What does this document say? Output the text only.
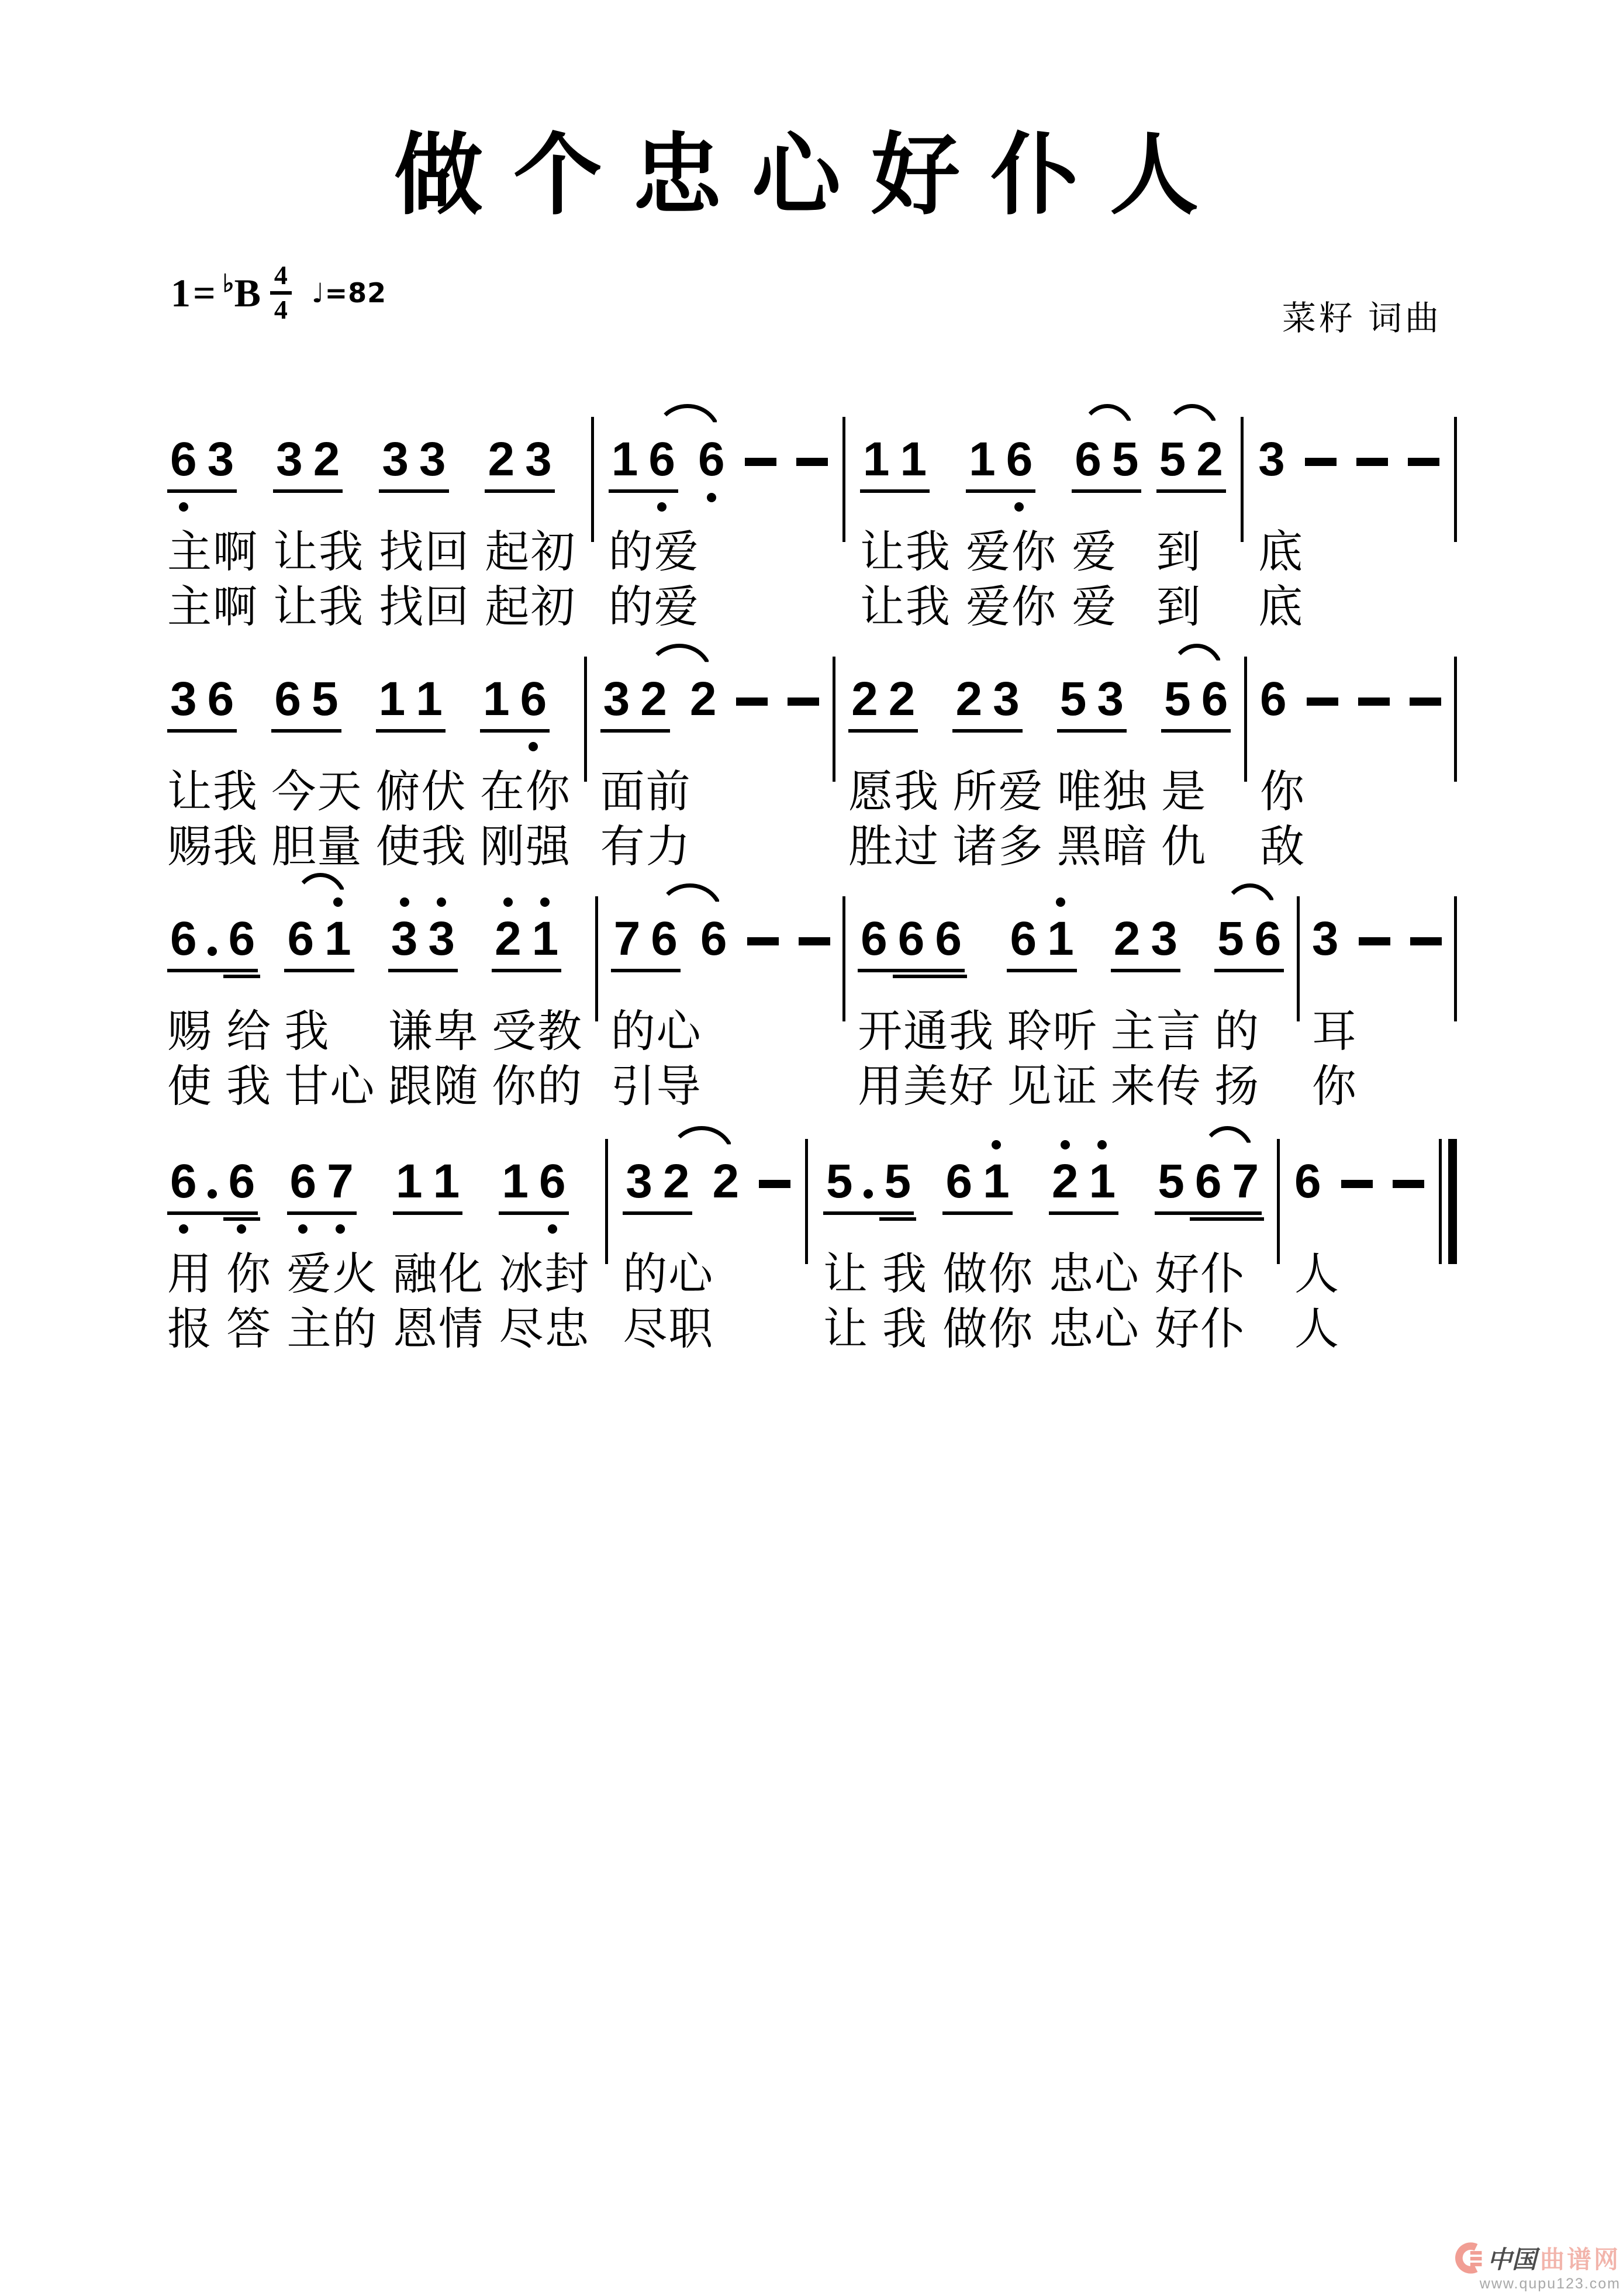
做个忠心好仆人
1= ♭ B $\frac{4}{4}$ ♩=82
菜籽 词曲
6 3
主啊
主啊
3 2
让我
让我
3 3
找回
找回
2 3
起初
起初
1 6 6
的爱
的爱
1 1
让我
让我
1 6
爱你
爱你
6 5
爱
爱
5 2
到
到
3
底
底
3 6
让我
赐我
6 5
今天
胆量
1 1
俯伏
使我
1 6
在你
刚强
3 2 2
面前
有力
2 2
愿我
胜过
2 3
所爱
诸多
5 3
唯独
黑暗
5 6
是
仇
6
你
敌
6 6
赐 给
使 我
6 1
我
甘心
3 3
谦卑
跟随
2 1
受教
你的
7 6 6
的心
引导
6 6 6
开通我
用美好
6 1
聆听
见证
2 3
主言
来传
5 6
的
扬
3
耳
你
6 6
用 你
报 答
6 7
爱火
主的
1 1
融化
恩情
1 6
冰封
尽忠
3 2 2
的心
尽职
5 5
让 我
让 我
6 1
做你
做你
2 1
忠心
忠心
5 6 7
好仆
好仆
6
人
人
中国 曲谱网
www.qupu123.com
